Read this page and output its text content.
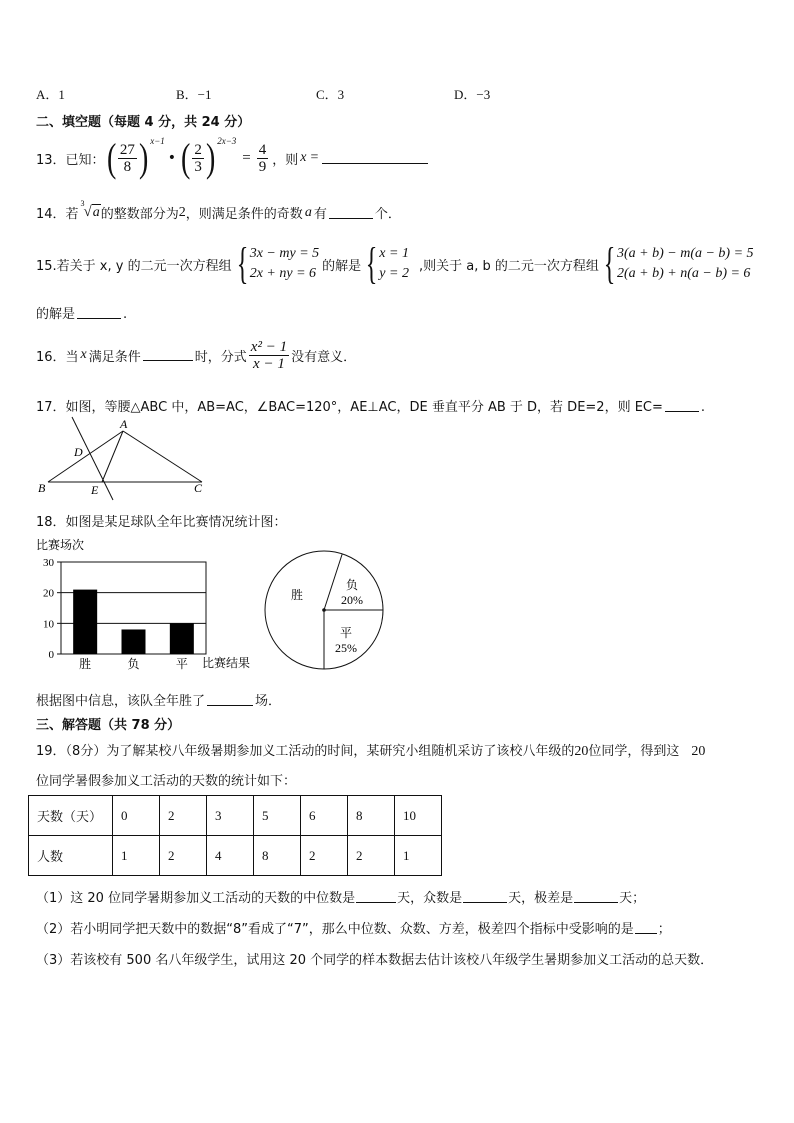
A．1	B．−1	C．3	D．−3
二、填空题（每题 4 分，共 24 分）
13．已知： ( $\frac{27}{8}$ ) x−1
• ( $\frac{2}{3}$ ) 2x−3
= $\frac{4}{9}$ ，则 x =
14．若
3
√a 的整数部分为 2 ，则满足条件的奇数 a 有	个．
15.若关于 x, y 的二元一次方程组 { 3x − my = 5
2x + ny = 6 的解是 { x = 1
y = 2 ,则关于 a, b 的二元一次方程组 { 3(a + b) − m(a − b) = 5
2(a + b) + n(a − b) = 6
的解是	.
16．当 x 满足条件	时，分式 $\frac{\text{x² − 1}}{x - 1}$ 没有意义．
17．如图，等腰△ABC 中，AB=AC，∠BAC=120°，AE⊥AC，DE 垂直平分 AB 于 D，若 DE=2，则 EC=	.
A
B	C
D
E
18．如图是某足球队全年比赛情况统计图：
比赛场次
0
10
20
30
胜	负	平 比赛结果
胜
负
20%
平
25%
根据图中信息，该队全年胜了	场．
三、解答题（共 78 分）
19．（8分）为了解某校八年级暑期参加义工活动的时间，某研究小组随机采访了该校八年级的20位同学，得到这 20
位同学暑假参加义工活动的天数的统计如下：
天数（天）	0	2	3	5	6	8	10
人数	1	2	4	8	2	2	1
（1）这 20 位同学暑期参加义工活动的天数的中位数是	天，众数是	天，极差是	天；
（2）若小明同学把天数中的数据“8”看成了“7”，那么中位数、众数、方差，极差四个指标中受影响的是 ；
（3）若该校有 500 名八年级学生，试用这 20 个同学的样本数据去估计该校八年级学生暑期参加义工活动的总天数．
